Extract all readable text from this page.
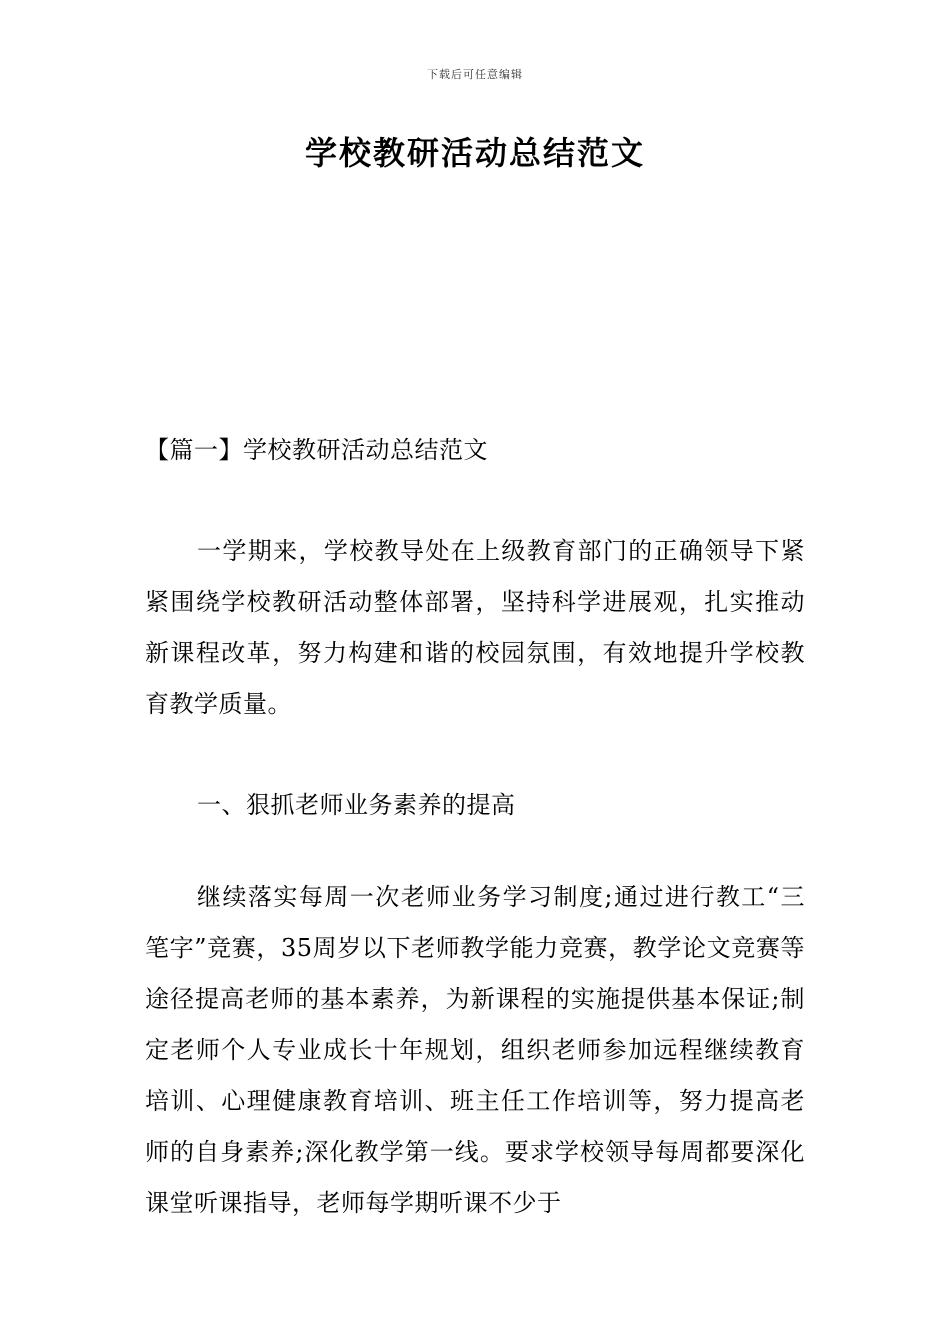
下载后可任意编辑
学校教研活动总结范文

【篇一】学校教研活动总结范文

一学期来，学校教导处在上级教育部门的正确领导下紧紧围绕学校教研活动整体部署，坚持科学进展观，扎实推动新课程改革，努力构建和谐的校园氛围，有效地提升学校教育教学质量。

一、狠抓老师业务素养的提高

继续落实每周一次老师业务学习制度;通过进行教工“三笔字”竞赛，35周岁以下老师教学能力竞赛，教学论文竞赛等途径提高老师的基本素养，为新课程的实施提供基本保证;制定老师个人专业成长十年规划，组织老师参加远程继续教育培训、心理健康教育培训、班主任工作培训等，努力提高老师的自身素养;深化教学第一线。要求学校领导每周都要深化课堂听课指导，老师每学期听课不少于
